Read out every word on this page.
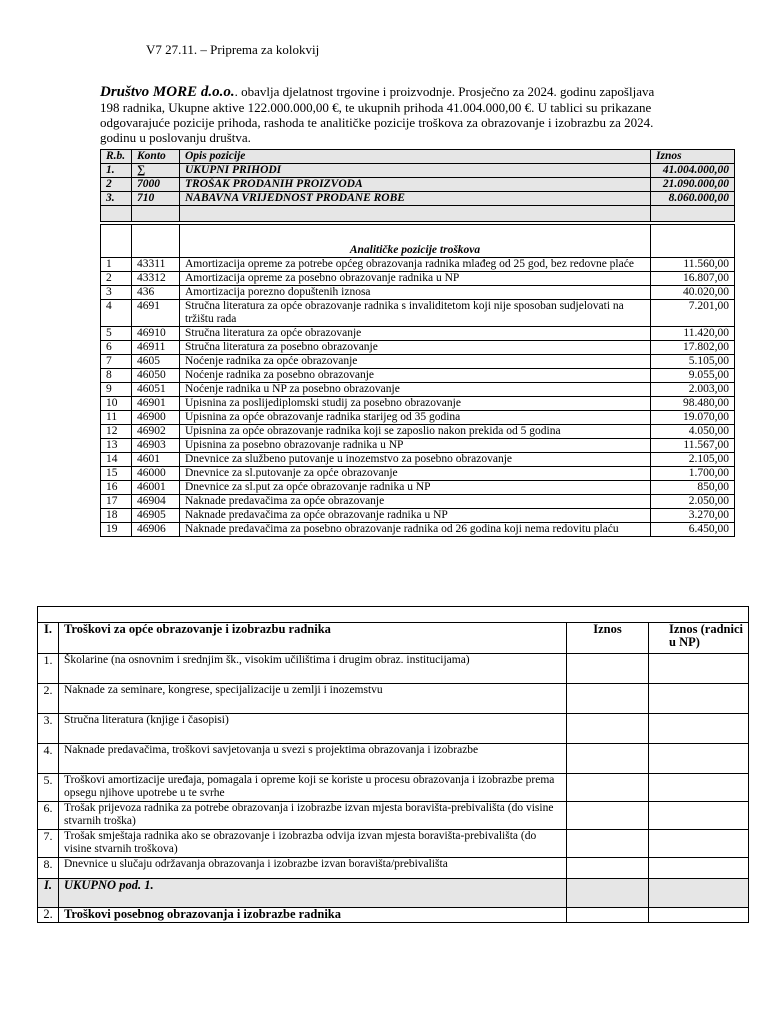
V7 27.11. – Priprema za kolokvij
Društvo MORE d.o.o.. obavlja djelatnost trgovine i proizvodnje. Prosječno za 2024. godinu zapošljava 198 radnika, Ukupne aktive 122.000.000,00 €, te ukupnih prihoda 41.004.000,00 €. U tablici su prikazane odgovarajuće pozicije prihoda, rashoda te analitičke pozicije troškova za obrazovanje i izobrazbu za 2024. godinu u poslovanju društva.
R.b.	Konto	Opis pozicije	Iznos
1.	∑	UKUPNI PRIHODI	41.004.000,00
2	7000	TROŠAK PRODANIH PROIZVODA	21.090.000,00
3.	710	NABAVNA VRIJEDNOST PRODANE ROBE	8.060.000,00

		Analitičke pozicije troškova	
1	43311	Amortizacija opreme za potrebe općeg obrazovanja radnika mlađeg od 25 god, bez redovne plaće	11.560,00
2	43312	Amortizacija opreme za posebno obrazovanje radnika u NP	16.807,00
3	436	Amortizacija porezno dopuštenih iznosa	40.020,00
4	4691	Stručna literatura za opće obrazovanje radnika s invaliditetom koji nije sposoban sudjelovati na tržištu rada	7.201,00
5	46910	Stručna literatura za opće obrazovanje	11.420,00
6	46911	Stručna literatura za posebno obrazovanje	17.802,00
7	4605	Noćenje radnika za opće obrazovanje	5.105,00
8	46050	Noćenje radnika za posebno obrazovanje	9.055,00
9	46051	Noćenje radnika u NP za posebno obrazovanje	2.003,00
10	46901	Upisnina za poslijediplomski studij za posebno obrazovanje	98.480,00
11	46900	Upisnina za opće obrazovanje radnika starijeg od 35 godina	19.070,00
12	46902	Upisnina za opće obrazovanje radnika koji se zaposlio nakon prekida od 5 godina	4.050,00
13	46903	Upisnina za posebno obrazovanje radnika u NP	11.567,00
14	4601	Dnevnice za službeno putovanje u inozemstvo za posebno obrazovanje	2.105,00
15	46000	Dnevnice za sl.putovanje za opće obrazovanje	1.700,00
16	46001	Dnevnice za sl.put za opće obrazovanje radnika u NP	850,00
17	46904	Naknade predavačima za opće obrazovanje	2.050,00
18	46905	Naknade predavačima za opće obrazovanje radnika u NP	3.270,00
19	46906	Naknade predavačima za posebno obrazovanje radnika od 26 godina koji nema redovitu plaću	6.450,00

I.	Troškovi za opće obrazovanje i izobrazbu radnika	Iznos	Iznos (radnici u NP)
1.	Školarine (na osnovnim i srednjim šk., visokim učilištima i drugim obraz. institucijama)		
2.	Naknade za seminare, kongrese, specijalizacije u zemlji i inozemstvu		
3.	Stručna literatura (knjige i časopisi)		
4.	Naknade predavačima, troškovi savjetovanja u svezi s projektima obrazovanja i izobrazbe		
5.	Troškovi amortizacije uređaja, pomagala i opreme koji se koriste u procesu obrazovanja i izobrazbe prema opsegu njihove upotrebe u te svrhe		
6.	Trošak prijevoza radnika za potrebe obrazovanja i izobrazbe izvan mjesta boravišta-prebivališta (do visine stvarnih troška)		
7.	Trošak smještaja radnika ako se obrazovanje i izobrazba odvija izvan mjesta boravišta-prebivališta (do visine stvarnih troškova)		
8.	Dnevnice u slučaju održavanja obrazovanja i izobrazbe izvan boravišta/prebivališta		
I.	UKUPNO pod. 1.		
2.	Troškovi posebnog obrazovanja i izobrazbe radnika		
